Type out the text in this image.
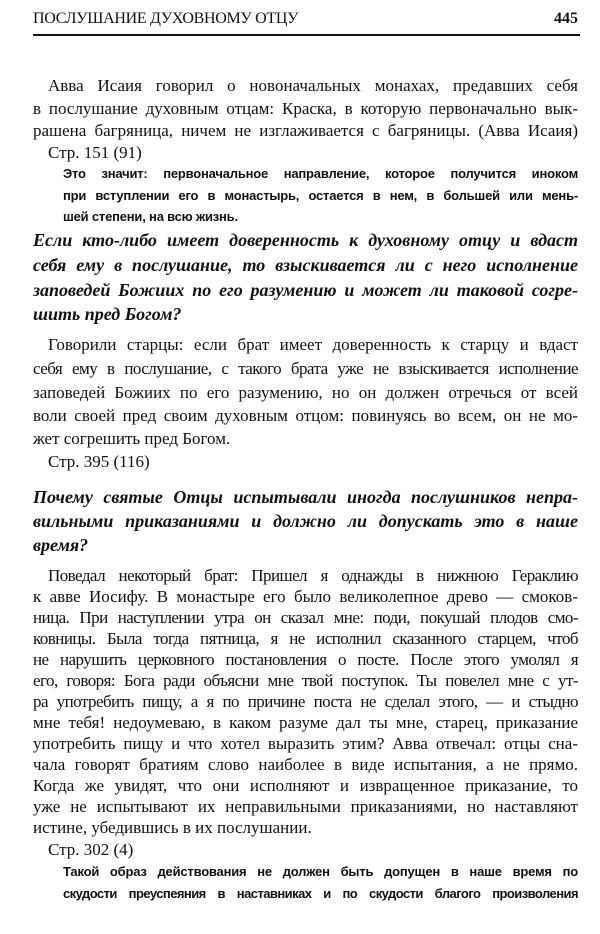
ПОСЛУШАНИЕ ДУХОВНОМУ ОТЦУ	445
Авва Исаия говорил о новоначальных монахах, предавших себя
в послушание духовным отцам: Краска, в которую первоначально вык-
рашена багряница, ничем не изглаживается с багряницы. (Авва Исаия)
Стр. 151 (91)
Это значит: первоначальное направление, которое получится иноком
при вступлении его в монастырь, остается в нем, в большей или мень-
шей степени, на всю жизнь.
Если кто-либо имеет доверенность к духовному отцу и вдаст
себя ему в послушание, то взыскивается ли с него исполнение
заповедей Божиих по его разумению и может ли таковой согре-
шить пред Богом?
Говорили старцы: если брат имеет доверенность к старцу и вдаст
себя ему в послушание, с такого брата уже не взыскивается исполнение
заповедей Божиих по его разумению, но он должен отречься от всей
воли своей пред своим духовным отцом: повинуясь во всем, он не мо-
жет согрешить пред Богом.
Стр. 395 (116)
Почему святые Отцы испытывали иногда послушников непра-
вильными приказаниями и должно ли допускать это в наше
время?
Поведал некоторый брат: Пришел я однажды в нижнюю Гераклию
к авве Иосифу. В монастыре его было великолепное древо — смоков-
ница. При наступлении утра он сказал мне: поди, покушай плодов смо-
ковницы. Была тогда пятница, я не исполнил сказанного старцем, чтоб
не нарушить церковного постановления о посте. После этого умолял я
его, говоря: Бога ради объясни мне твой поступок. Ты повелел мне с ут-
ра употребить пищу, а я по причине поста не сделал этого, — и стыдно
мне тебя! недоумеваю, в каком разуме дал ты мне, старец, приказание
употребить пищу и что хотел выразить этим? Авва отвечал: отцы сна-
чала говорят братиям слово наиболее в виде испытания, а не прямо.
Когда же увидят, что они исполняют и извращенное приказание, то
уже не испытывают их неправильными приказаниями, но наставляют
истине, убедившись в их послушании.
Стр. 302 (4)
Такой образ действования не должен быть допущен в наше время по
скудости преуспеяния в наставниках и по скудости благого произволения
